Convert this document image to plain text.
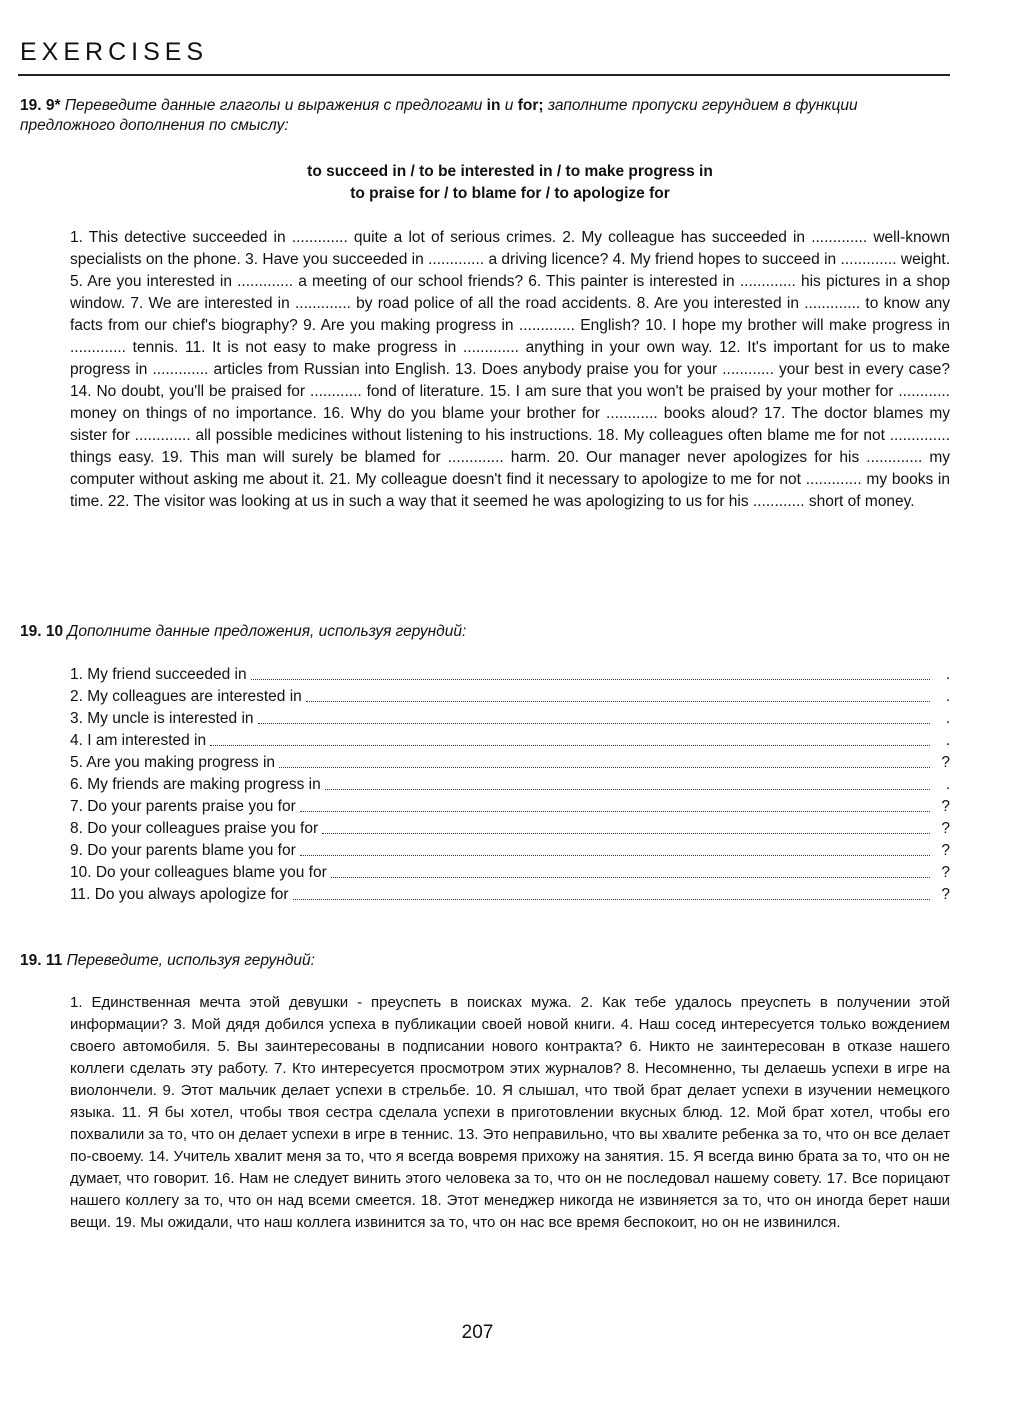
EXERCISES
19. 9* Переведите данные глаголы и выражения с предлогами in и for; заполните пропуски герундием в функции предложного дополнения по смыслу:
to succeed in / to be interested in / to make progress in
to praise for / to blame for / to apologize for
1. This detective succeeded in ............. quite a lot of serious crimes. 2. My colleague has succeeded in ............. well-known specialists on the phone. 3. Have you succeeded in ............. a driving licence? 4. My friend hopes to succeed in ............. weight. 5. Are you interested in ............. a meeting of our school friends? 6. This painter is interested in ............. his pictures in a shop window. 7. We are interested in ............. by road police of all the road accidents. 8. Are you interested in ............. to know any facts from our chief's biography? 9. Are you making progress in ............. English? 10. I hope my brother will make progress in ............. tennis. 11. It is not easy to make progress in ............. anything in your own way. 12. It's important for us to make progress in ............. articles from Russian into English. 13. Does anybody praise you for your ............ your best in every case? 14. No doubt, you'll be praised for ............ fond of literature. 15. I am sure that you won't be praised by your mother for ............ money on things of no importance. 16. Why do you blame your brother for ............ books aloud? 17. The doctor blames my sister for ............. all possible medicines without listening to his instructions. 18. My colleagues often blame me for not .............. things easy. 19. This man will surely be blamed for ............. harm. 20. Our manager never apologizes for his ............. my computer without asking me about it. 21. My colleague doesn't find it necessary to apologize to me for not ............. my books in time. 22. The visitor was looking at us in such a way that it seemed he was apologizing to us for his ............ short of money.
19. 10 Дополните данные предложения, используя герундий:
1. My friend succeeded in	.
2. My colleagues are interested in	.
3. My uncle is interested in	.
4. I am interested in	.
5. Are you making progress in	?
6. My friends are making progress in	.
7. Do your parents praise you for	?
8. Do your colleagues praise you for	?
9. Do your parents blame you for	?
10. Do your colleagues blame you for	?
11. Do you always apologize for	?
19. 11 Переведите, используя герундий:
1. Единственная мечта этой девушки - преуспеть в поисках мужа. 2. Как тебе удалось преуспеть в получении этой информации? 3. Мой дядя добился успеха в публикации своей новой книги. 4. Наш сосед интересуется только вождением своего автомобиля. 5. Вы заинтересованы в подписании нового контракта? 6. Никто не заинтересован в отказе нашего коллеги сделать эту работу. 7. Кто интересуется просмотром этих журналов? 8. Несомненно, ты делаешь успехи в игре на виолончели. 9. Этот мальчик делает успехи в стрельбе. 10. Я слышал, что твой брат делает успехи в изучении немецкого языка. 11. Я бы хотел, чтобы твоя сестра сделала успехи в приготовлении вкусных блюд. 12. Мой брат хотел, чтобы его похвалили за то, что он делает успехи в игре в теннис. 13. Это неправильно, что вы хвалите ребенка за то, что он все делает по-своему. 14. Учитель хвалит меня за то, что я всегда вовремя прихожу на занятия. 15. Я всегда виню брата за то, что он не думает, что говорит. 16. Нам не следует винить этого человека за то, что он не последовал нашему совету. 17. Все порицают нашего коллегу за то, что он над всеми смеется. 18. Этот менеджер никогда не извиняется за то, что он иногда берет наши вещи. 19. Мы ожидали, что наш коллега извинится за то, что он нас все время беспокоит, но он не извинился.
207
